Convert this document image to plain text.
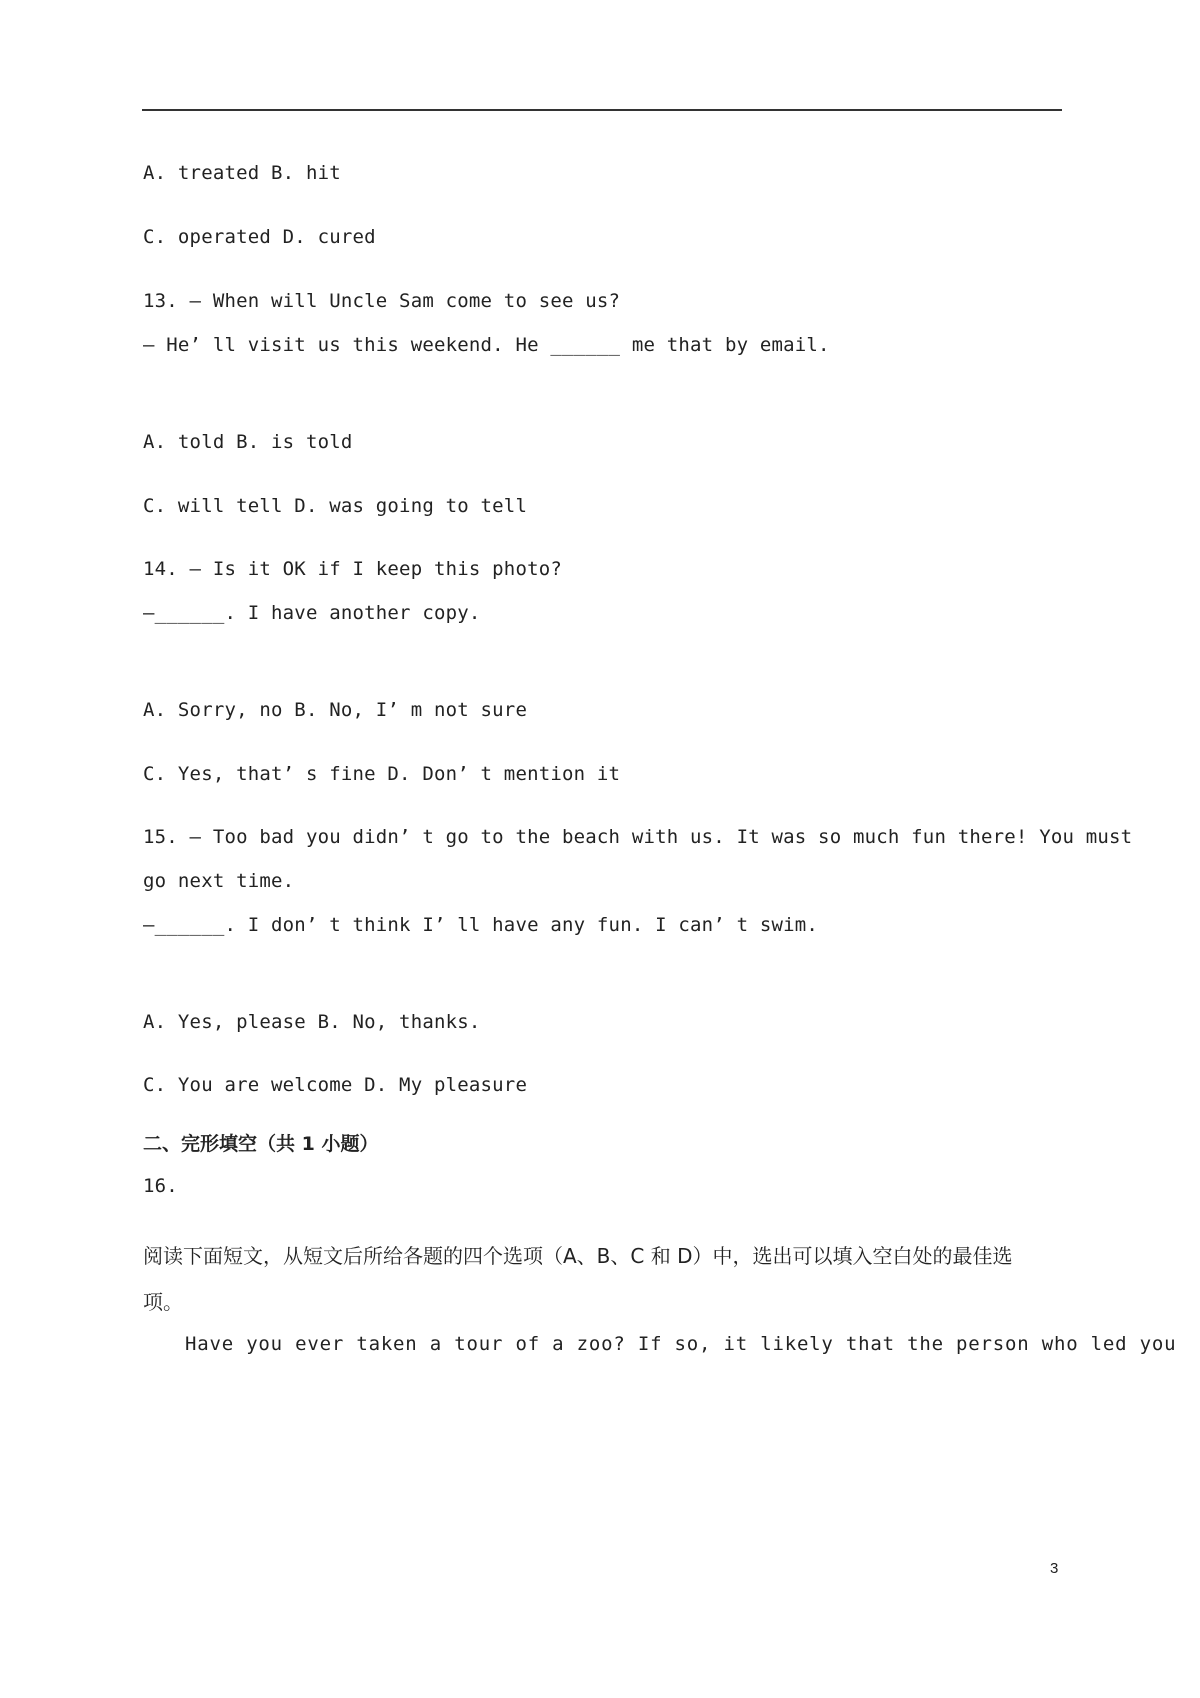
A. treated B. hit
C. operated D. cured
13. — When will Uncle Sam come to see us?
— He’ ll visit us this weekend. He ______ me that by email.
A. told B. is told
C. will tell D. was going to tell
14. — Is it OK if I keep this photo?
—______. I have another copy.
A. Sorry, no B. No, I’ m not sure
C. Yes, that’ s fine D. Don’ t mention it
15. — Too bad you didn’ t go to the beach with us. It was so much fun there! You must
go next time.
—______. I don’ t think I’ ll have any fun. I can’ t swim.
A. Yes, please B. No, thanks.
C. You are welcome D. My pleasure
二、完形填空（共 1 小题）
16.
阅读下面短文，从短文后所给各题的四个选项（A、B、C 和 D）中，选出可以填入空白处的最佳选
项。
Have you ever taken a tour of a zoo? If so, it likely that the person who led you
3
